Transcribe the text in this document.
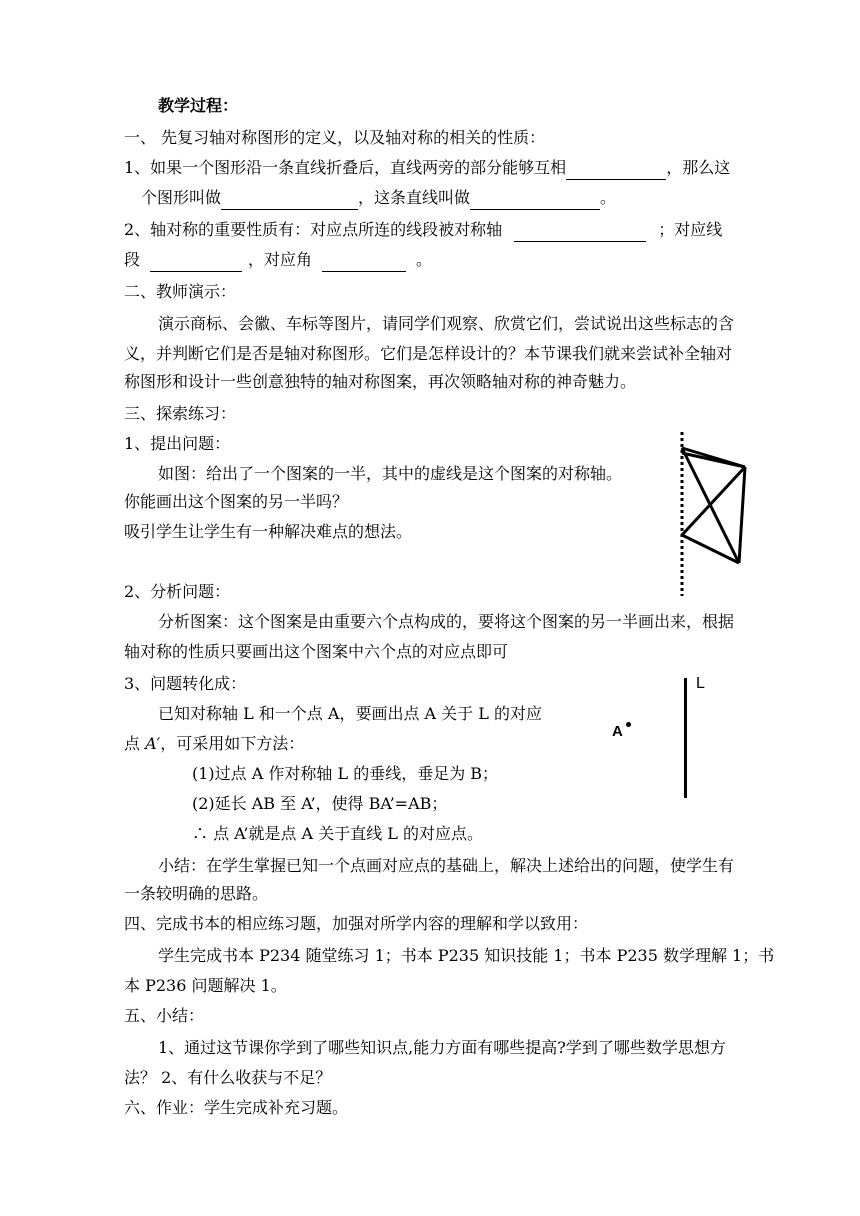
教学过程：
一、 先复习轴对称图形的定义，以及轴对称的相关的性质：
1、如果一个图形沿一条直线折叠后，直线两旁的部分能够互相	，那么这
个图形叫做	，这条直线叫做	。
2、轴对称的重要性质有：对应点所连的线段被对称轴	；对应线
段	，对应角	。
二、教师演示：
演示商标、会徽、车标等图片，请同学们观察、欣赏它们，尝试说出这些标志的含
义，并判断它们是否是轴对称图形。它们是怎样设计的？本节课我们就来尝试补全轴对
称图形和设计一些创意独特的轴对称图案，再次领略轴对称的神奇魅力。
三、探索练习：
1、提出问题：
如图：给出了一个图案的一半，其中的虚线是这个图案的对称轴。
你能画出这个图案的另一半吗？
吸引学生让学生有一种解决难点的想法。
2、分析问题：
分析图案：这个图案是由重要六个点构成的，要将这个图案的另一半画出来，根据
轴对称的性质只要画出这个图案中六个点的对应点即可
3、问题转化成：
已知对称轴 L 和一个点 A，要画出点 A 关于 L 的对应
点 A′，可采用如下方法：
(1)过点 A 作对称轴 L 的垂线，垂足为 B；
(2)延长 AB 至 A’，使得 BA’=AB；
∴ 点 A’就是点 A 关于直线 L 的对应点。
L
A
小结：在学生掌握已知一个点画对应点的基础上，解决上述给出的问题，使学生有
一条较明确的思路。
四、完成书本的相应练习题，加强对所学内容的理解和学以致用：
学生完成书本 P234 随堂练习 1；书本 P235 知识技能 1；书本 P235 数学理解 1；书
本 P236 问题解决 1。
五、小结：
1、通过这节课你学到了哪些知识点,能力方面有哪些提高?学到了哪些数学思想方
法？ 2、有什么收获与不足？
六、作业：学生完成补充习题。
